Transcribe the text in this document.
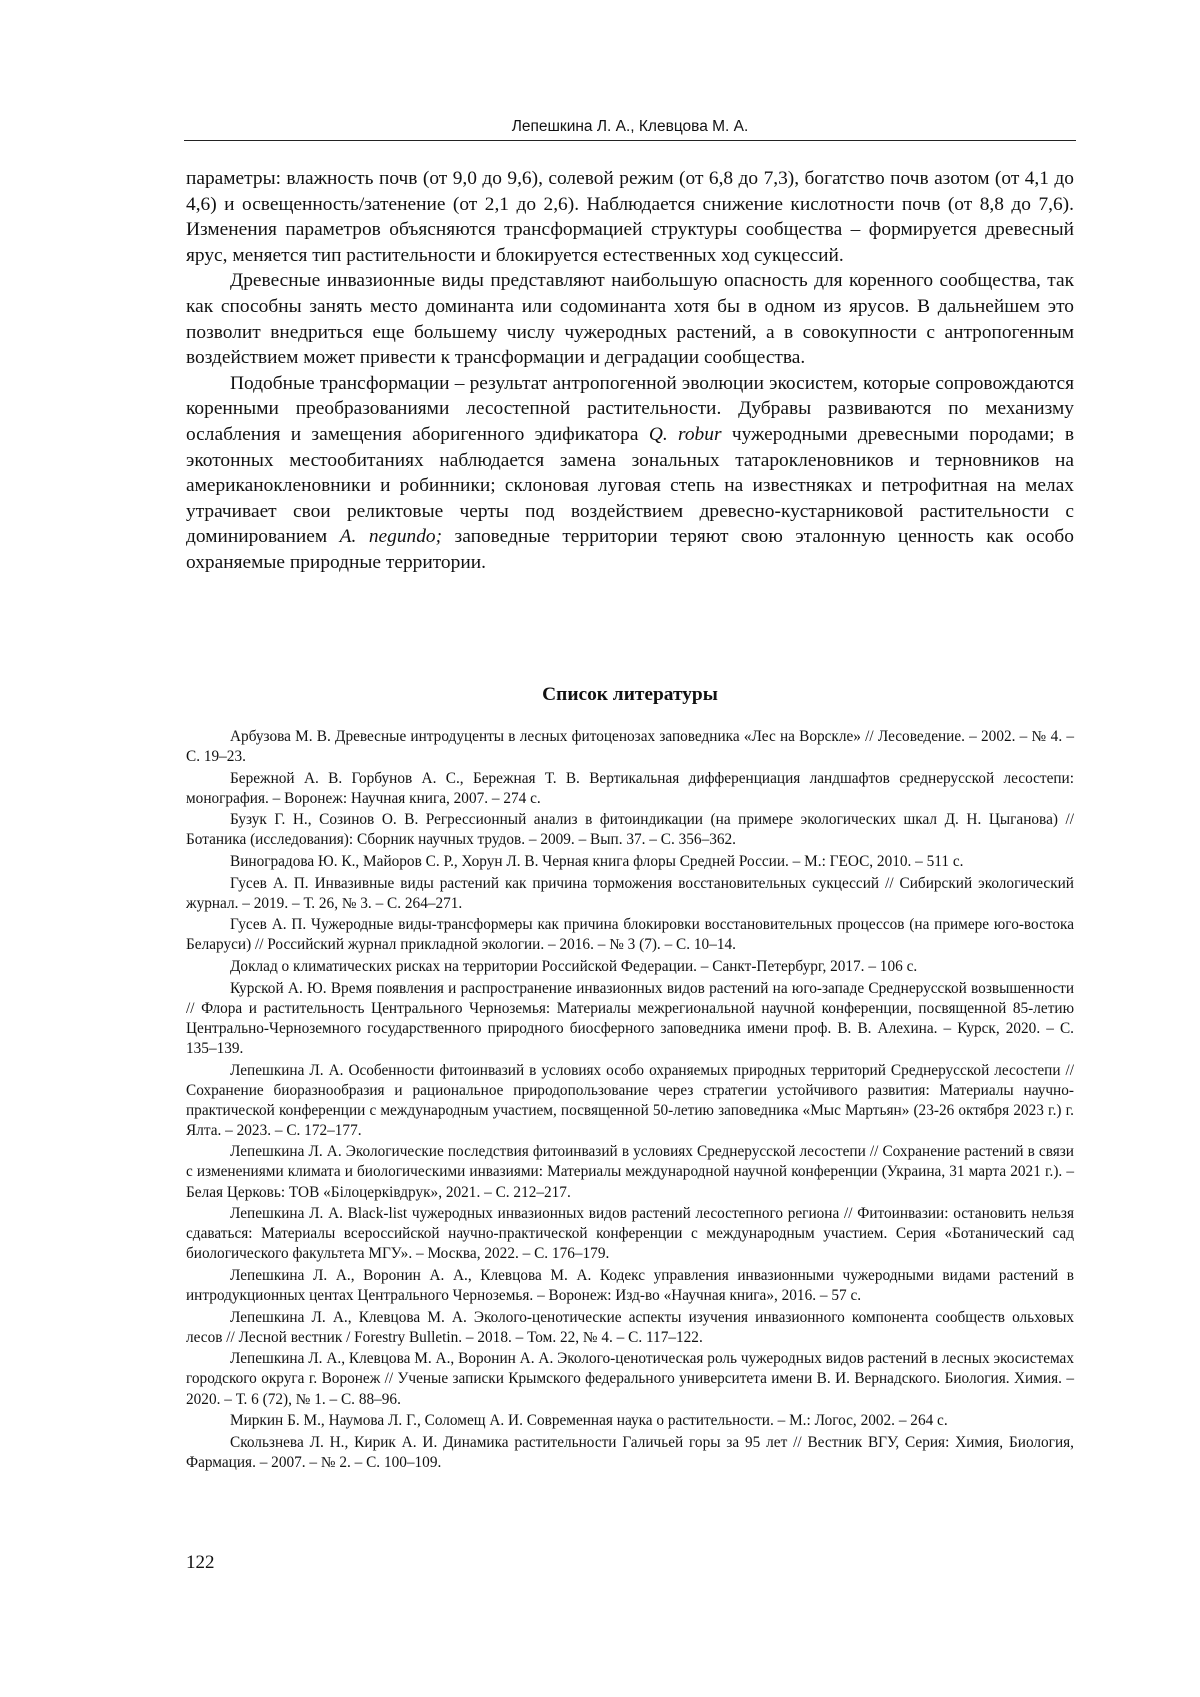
Лепешкина Л. А., Клевцова М. А.

параметры: влажность почв (от 9,0 до 9,6), солевой режим (от 6,8 до 7,3), богатство почв азотом (от 4,1 до 4,6) и освещенность/затенение (от 2,1 до 2,6). Наблюдается снижение кислотности почв (от 8,8 до 7,6). Изменения параметров объясняются трансформацией структуры сообщества – формируется древесный ярус, меняется тип растительности и блокируется естественных ход сукцессий.

Древесные инвазионные виды представляют наибольшую опасность для коренного сообщества, так как способны занять место доминанта или содоминанта хотя бы в одном из ярусов. В дальнейшем это позволит внедриться еще большему числу чужеродных растений, а в совокупности с антропогенным воздействием может привести к трансформации и деградации сообщества.

Подобные трансформации – результат антропогенной эволюции экосистем, которые сопровождаются коренными преобразованиями лесостепной растительности. Дубравы развиваются по механизму ослабления и замещения аборигенного эдификатора Q. robur чужеродными древесными породами; в экотонных местообитаниях наблюдается замена зональных татарокленовников и терновников на американокленовники и робинники; склоновая луговая степь на известняках и петрофитная на мелах утрачивает свои реликтовые черты под воздействием древесно-кустарниковой растительности с доминированием A. negundo; заповедные территории теряют свою эталонную ценность как особо охраняемые природные территории.

Список литературы

Арбузова М. В. Древесные интродуценты в лесных фитоценозах заповедника «Лес на Ворскле» // Лесоведение. – 2002. – № 4. – С. 19–23.

Бережной А. В. Горбунов А. С., Бережная Т. В. Вертикальная дифференциация ландшафтов среднерусской лесостепи: монография. – Воронеж: Научная книга, 2007. – 274 с.

Бузук Г. Н., Созинов О. В. Регрессионный анализ в фитоиндикации (на примере экологических шкал Д. Н. Цыганова) // Ботаника (исследования): Сборник научных трудов. – 2009. – Вып. 37. – С. 356–362.

Виноградова Ю. К., Майоров С. Р., Хорун Л. В. Черная книга флоры Средней России. – М.: ГЕОС, 2010. – 511 с.

Гусев А. П. Инвазивные виды растений как причина торможения восстановительных сукцессий // Сибирский экологический журнал. – 2019. – Т. 26, № 3. – С. 264–271.

Гусев А. П. Чужеродные виды-трансформеры как причина блокировки восстановительных процессов (на примере юго-востока Беларуси) // Российский журнал прикладной экологии. – 2016. – № 3 (7). – С. 10–14.

Доклад о климатических рисках на территории Российской Федерации. – Санкт-Петербург, 2017. – 106 с.

Курской А. Ю. Время появления и распространение инвазионных видов растений на юго-западе Среднерусской возвышенности // Флора и растительность Центрального Черноземья: Материалы межрегиональной научной конференции, посвященной 85-летию Центрально-Черноземного государственного природного биосферного заповедника имени проф. В. В. Алехина. – Курск, 2020. – С. 135–139.

Лепешкина Л. А. Особенности фитоинвазий в условиях особо охраняемых природных территорий Среднерусской лесостепи // Сохранение биоразнообразия и рациональное природопользование через стратегии устойчивого развития: Материалы научно-практической конференции с международным участием, посвященной 50-летию заповедника «Мыс Мартьян» (23-26 октября 2023 г.) г. Ялта. – 2023. – С. 172–177.

Лепешкина Л. А. Экологические последствия фитоинвазий в условиях Среднерусской лесостепи // Сохранение растений в связи с изменениями климата и биологическими инвазиями: Материалы международной научной конференции (Украина, 31 марта 2021 г.). – Белая Церковь: ТОВ «Білоцерківдрук», 2021. – С. 212–217.

Лепешкина Л. А. Black-list чужеродных инвазионных видов растений лесостепного региона // Фитоинвазии: остановить нельзя сдаваться: Материалы всероссийской научно-практической конференции с международным участием. Серия «Ботанический сад биологического факультета МГУ». – Москва, 2022. – С. 176–179.

Лепешкина Л. А., Воронин А. А., Клевцова М. А. Кодекс управления инвазионными чужеродными видами растений в интродукционных центах Центрального Черноземья. – Воронеж: Изд-во «Научная книга», 2016. – 57 с.

Лепешкина Л. А., Клевцова М. А. Эколого-ценотические аспекты изучения инвазионного компонента сообществ ольховых лесов // Лесной вестник / Forestry Bulletin. – 2018. – Том. 22, № 4. – С. 117–122.

Лепешкина Л. А., Клевцова М. А., Воронин А. А. Эколого-ценотическая роль чужеродных видов растений в лесных экосистемах городского округа г. Воронеж // Ученые записки Крымского федерального университета имени В. И. Вернадского. Биология. Химия. – 2020. – Т. 6 (72), № 1. – С. 88–96.

Миркин Б. М., Наумова Л. Г., Соломещ А. И. Современная наука о растительности. – М.: Логос, 2002. – 264 с.

Скользнева Л. Н., Кирик А. И. Динамика растительности Галичьей горы за 95 лет // Вестник ВГУ, Серия: Химия, Биология, Фармация. – 2007. – № 2. – С. 100–109.

122
